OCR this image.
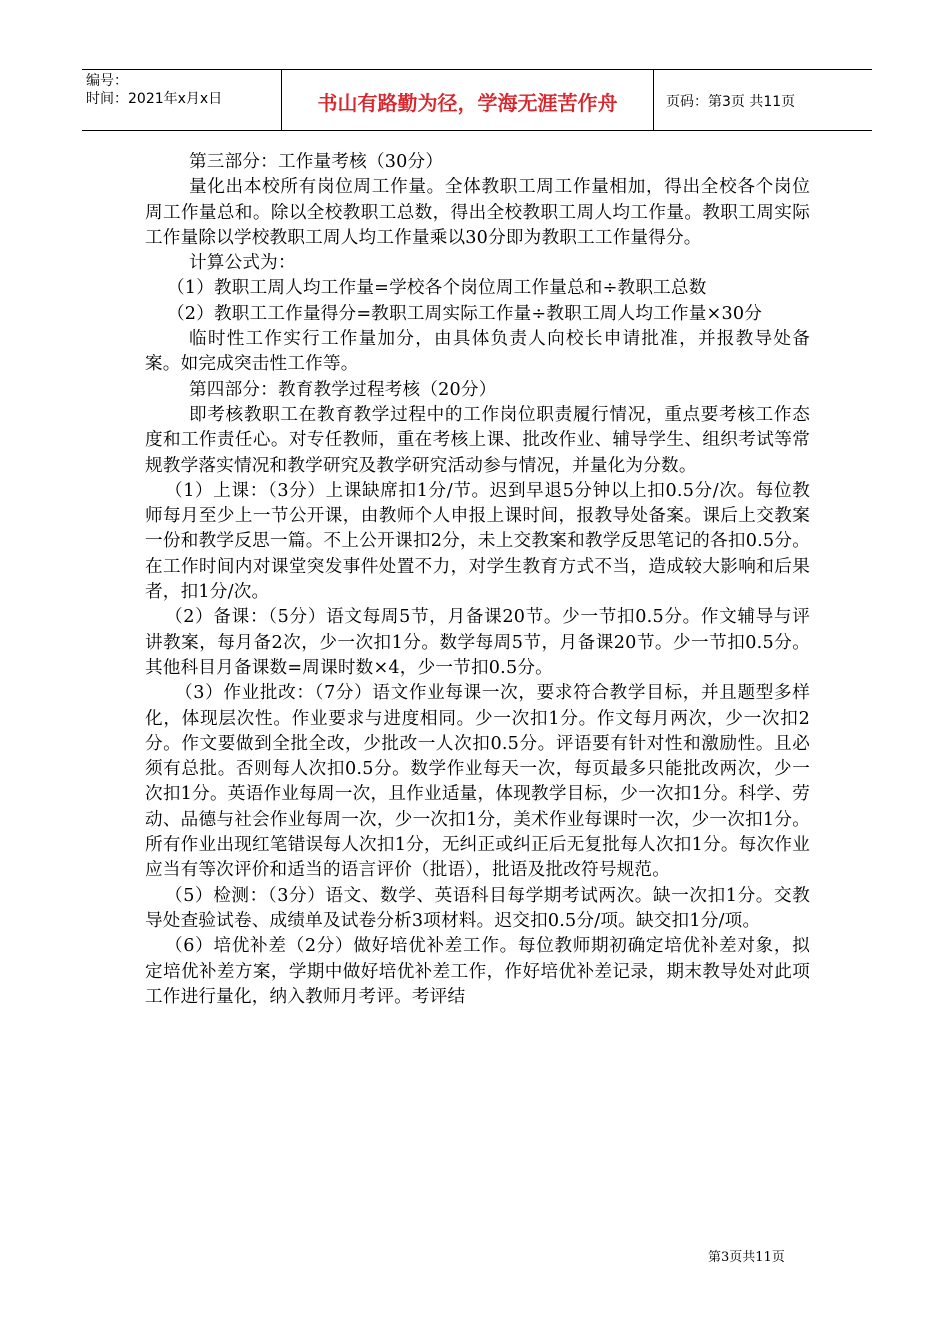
编号：
时间：2021年x月x日	书山有路勤为径，学海无涯苦作舟	页码：第3页 共11页

第三部分：工作量考核（30分）

量化出本校所有岗位周工作量。全体教职工周工作量相加，得出全校各个岗位周工作量总和。除以全校教职工总数，得出全校教职工周人均工作量。教职工周实际工作量除以学校教职工周人均工作量乘以30分即为教职工工作量得分。

计算公式为：

（1）教职工周人均工作量=学校各个岗位周工作量总和÷教职工总数

（2）教职工工作量得分=教职工周实际工作量÷教职工周人均工作量×30分

临时性工作实行工作量加分，由具体负责人向校长申请批准，并报教导处备案。如完成突击性工作等。

第四部分：教育教学过程考核（20分）

即考核教职工在教育教学过程中的工作岗位职责履行情况，重点要考核工作态度和工作责任心。对专任教师，重在考核上课、批改作业、辅导学生、组织考试等常规教学落实情况和教学研究及教学研究活动参与情况，并量化为分数。

（1）上课：（3分）上课缺席扣1分/节。迟到早退5分钟以上扣0.5分/次。每位教师每月至少上一节公开课，由教师个人申报上课时间，报教导处备案。课后上交教案一份和教学反思一篇。不上公开课扣2分，未上交教案和教学反思笔记的各扣0.5分。在工作时间内对课堂突发事件处置不力，对学生教育方式不当，造成较大影响和后果者，扣1分/次。

（2）备课：（5分）语文每周5节，月备课20节。少一节扣0.5分。作文辅导与评讲教案，每月备2次，少一次扣1分。数学每周5节，月备课20节。少一节扣0.5分。其他科目月备课数=周课时数×4，少一节扣0.5分。

（3）作业批改：（7分）语文作业每课一次，要求符合教学目标，并且题型多样化，体现层次性。作业要求与进度相同。少一次扣1分。作文每月两次，少一次扣2分。作文要做到全批全改，少批改一人次扣0.5分。评语要有针对性和激励性。且必须有总批。否则每人次扣0.5分。数学作业每天一次，每页最多只能批改两次，少一次扣1分。英语作业每周一次，且作业适量，体现教学目标，少一次扣1分。科学、劳动、品德与社会作业每周一次，少一次扣1分，美术作业每课时一次，少一次扣1分。所有作业出现红笔错误每人次扣1分，无纠正或纠正后无复批每人次扣1分。每次作业应当有等次评价和适当的语言评价（批语），批语及批改符号规范。

（5）检测：（3分）语文、数学、英语科目每学期考试两次。缺一次扣1分。交教导处查验试卷、成绩单及试卷分析3项材料。迟交扣0.5分/项。缺交扣1分/项。

（6）培优补差（2分）做好培优补差工作。每位教师期初确定培优补差对象，拟定培优补差方案，学期中做好培优补差工作，作好培优补差记录，期末教导处对此项工作进行量化，纳入教师月考评。考评结

第3页共11页
